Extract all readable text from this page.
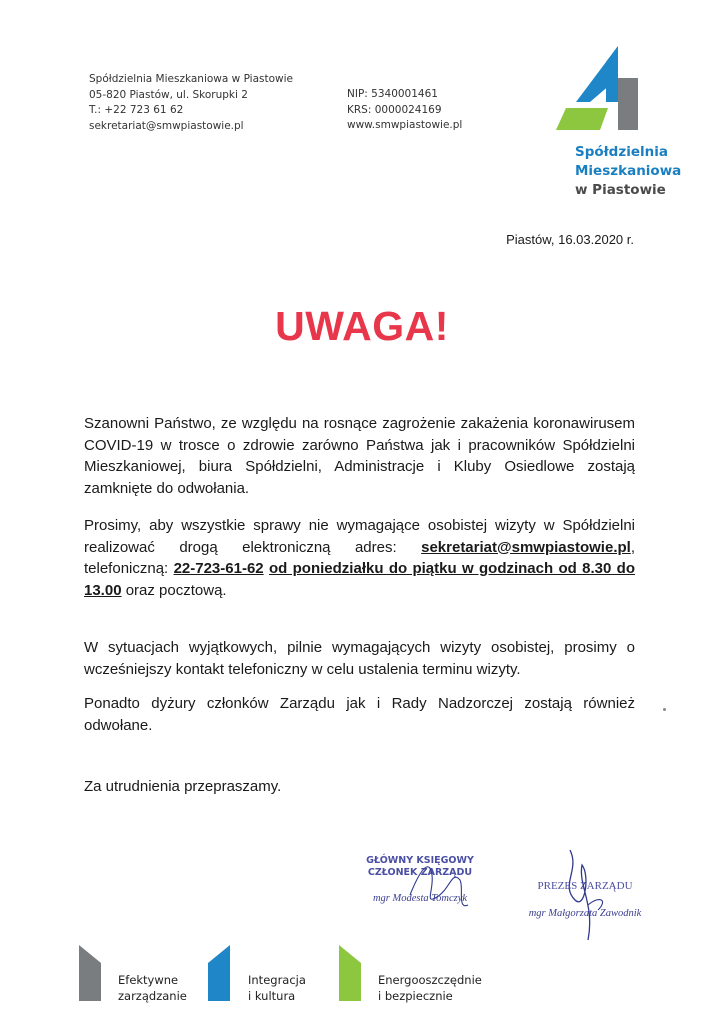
Spółdzielnia Mieszkaniowa w Piastowie
05-820 Piastów, ul. Skorupki 2
T.: +22 723 61 62
sekretariat@smwpiastowie.pl
NIP: 5340001461
KRS: 0000024169
www.smwpiastowie.pl
Spółdzielnia
Mieszkaniowa
w Piastowie
Piastów, 16.03.2020 r.
UWAGA!

Szanowni Państwo, ze względu na rosnące zagrożenie zakażenia koronawirusem COVID-19 w trosce o zdrowie zarówno Państwa jak i pracowników Spółdzielni Mieszkaniowej, biura Spółdzielni, Administracje i Kluby Osiedlowe zostają zamknięte do odwołania.

Prosimy, aby wszystkie sprawy nie wymagające osobistej wizyty w Spółdzielni realizować drogą elektroniczną adres: sekretariat@smwpiastowie.pl, telefoniczną: 22-723-61-62 od poniedziałku do piątku w godzinach od 8.30 do 13.00 oraz pocztową.

W sytuacjach wyjątkowych, pilnie wymagających wizyty osobistej, prosimy o wcześniejszy kontakt telefoniczny w celu ustalenia terminu wizyty.

Ponadto dyżury członków Zarządu jak i Rady Nadzorczej zostają również odwołane.

Za utrudnienia przepraszamy.

GŁÓWNY KSIĘGOWY
CZŁONEK ZARZĄDU
mgr Modesta Tomczyk
PREZES ZARZĄDU
mgr Małgorzata Zawodnik
Efektywne
zarządzanie
Integracja
i kultura
Energooszczędnie
i bezpiecznie
